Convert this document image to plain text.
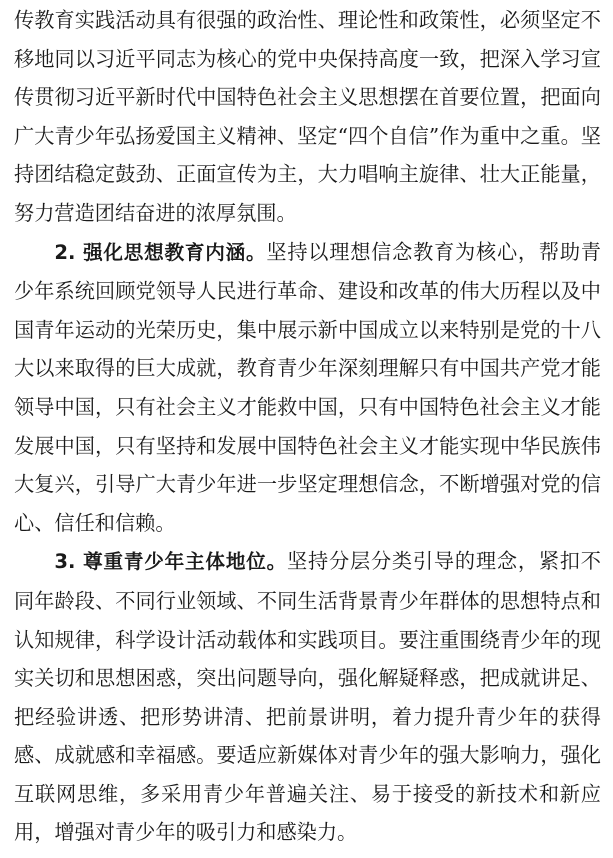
传教育实践活动具有很强的政治性、理论性和政策性，必须坚定不移地同以习近平同志为核心的党中央保持高度一致，把深入学习宣传贯彻习近平新时代中国特色社会主义思想摆在首要位置，把面向广大青少年弘扬爱国主义精神、坚定“四个自信”作为重中之重。坚持团结稳定鼓劲、正面宣传为主，大力唱响主旋律、壮大正能量，努力营造团结奋进的浓厚氛围。

2. 强化思想教育内涵。坚持以理想信念教育为核心，帮助青少年系统回顾党领导人民进行革命、建设和改革的伟大历程以及中国青年运动的光荣历史，集中展示新中国成立以来特别是党的十八大以来取得的巨大成就，教育青少年深刻理解只有中国共产党才能领导中国，只有社会主义才能救中国，只有中国特色社会主义才能发展中国，只有坚持和发展中国特色社会主义才能实现中华民族伟大复兴，引导广大青少年进一步坚定理想信念，不断增强对党的信心、信任和信赖。

3. 尊重青少年主体地位。坚持分层分类引导的理念，紧扣不同年龄段、不同行业领域、不同生活背景青少年群体的思想特点和认知规律，科学设计活动载体和实践项目。要注重围绕青少年的现实关切和思想困惑，突出问题导向，强化解疑释惑，把成就讲足、把经验讲透、把形势讲清、把前景讲明，着力提升青少年的获得感、成就感和幸福感。要适应新媒体对青少年的强大影响力，强化互联网思维，多采用青少年普遍关注、易于接受的新技术和新应用，增强对青少年的吸引力和感染力。
